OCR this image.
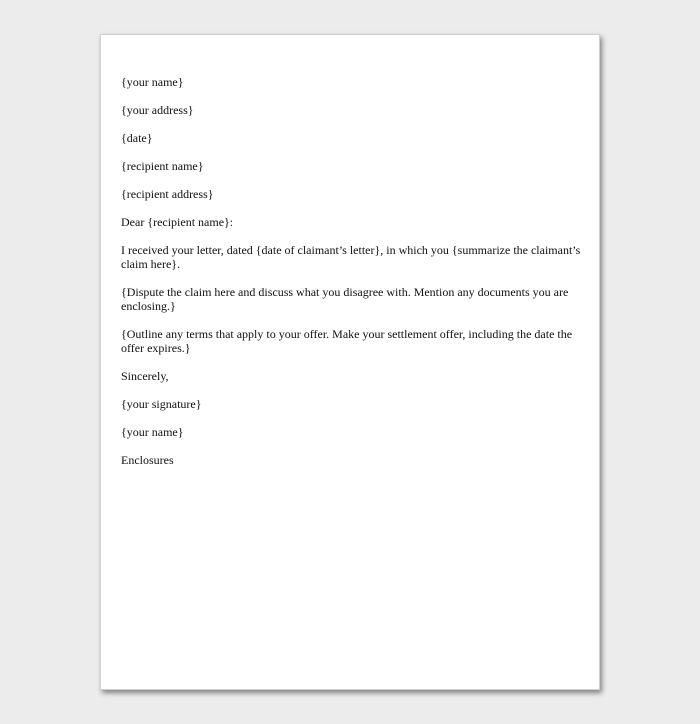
{your name}

{your address}

{date}

{recipient name}

{recipient address}

Dear {recipient name}:

I received your letter, dated {date of claimant’s letter}, in which you {summarize the claimant’s claim here}.

{Dispute the claim here and discuss what you disagree with. Mention any documents you are enclosing.}

{Outline any terms that apply to your offer. Make your settlement offer, including the date the offer expires.}

Sincerely,

{your signature}

{your name}

Enclosures
